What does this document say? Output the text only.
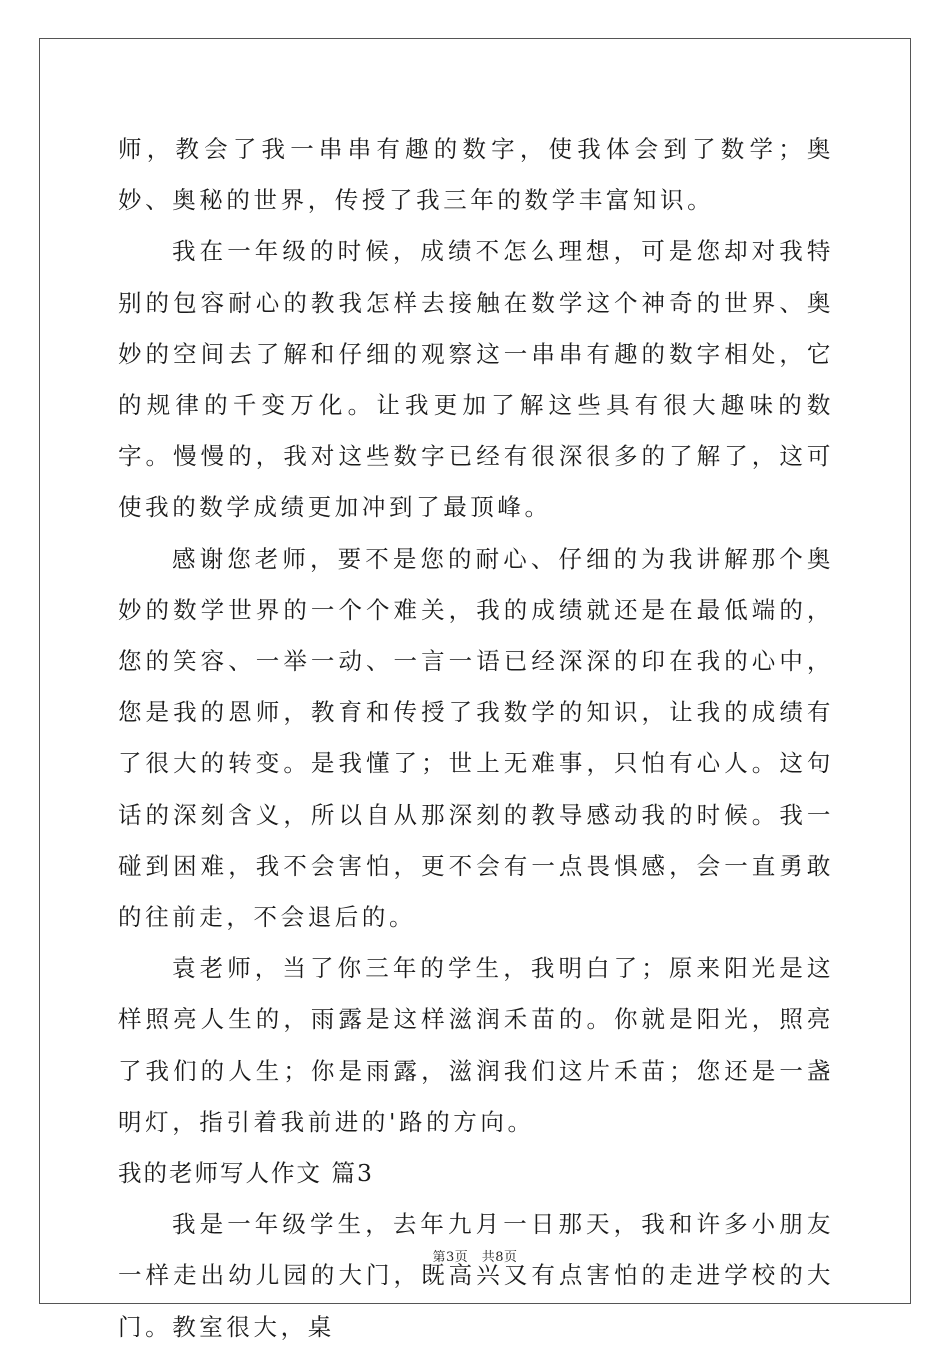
师，教会了我一串串有趣的数字，使我体会到了数学；奥妙、奥秘的世界，传授了我三年的数学丰富知识。

我在一年级的时候，成绩不怎么理想，可是您却对我特别的包容耐心的教我怎样去接触在数学这个神奇的世界、奥妙的空间去了解和仔细的观察这一串串有趣的数字相处，它的规律的千变万化。让我更加了解这些具有很大趣味的数字。慢慢的，我对这些数字已经有很深很多的了解了，这可使我的数学成绩更加冲到了最顶峰。

感谢您老师，要不是您的耐心、仔细的为我讲解那个奥妙的数学世界的一个个难关，我的成绩就还是在最低端的，您的笑容、一举一动、一言一语已经深深的印在我的心中，您是我的恩师，教育和传授了我数学的知识，让我的成绩有了很大的转变。是我懂了；世上无难事，只怕有心人。这句话的深刻含义，所以自从那深刻的教导感动我的时候。我一碰到困难，我不会害怕，更不会有一点畏惧感，会一直勇敢的往前走，不会退后的。

袁老师，当了你三年的学生，我明白了；原来阳光是这样照亮人生的，雨露是这样滋润禾苗的。你就是阳光，照亮了我们的人生；你是雨露，滋润我们这片禾苗；您还是一盏明灯，指引着我前进的'路的方向。

我的老师写人作文 篇3

我是一年级学生，去年九月一日那天，我和许多小朋友一样走出幼儿园的大门，既高兴又有点害怕的走进学校的大门。教室很大，桌

第3页　共8页
